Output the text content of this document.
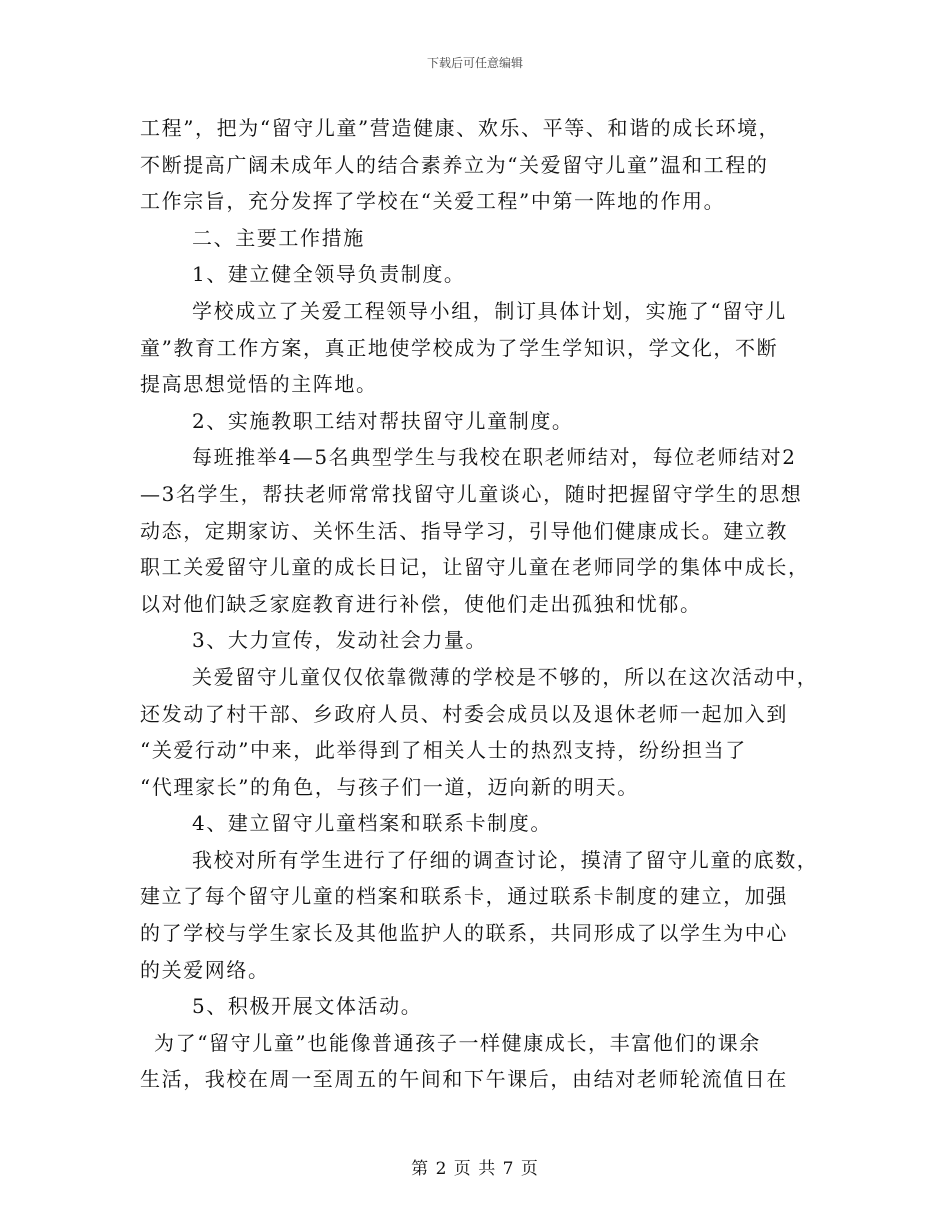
下载后可任意编辑
工程”，把为“留守儿童”营造健康、欢乐、平等、和谐的成长环境，
不断提高广阔未成年人的结合素养立为“关爱留守儿童”温和工程的
工作宗旨，充分发挥了学校在“关爱工程”中第一阵地的作用。
二、主要工作措施
1、建立健全领导负责制度。
学校成立了关爱工程领导小组，制订具体计划，实施了“留守儿
童”教育工作方案，真正地使学校成为了学生学知识，学文化，不断
提高思想觉悟的主阵地。
2、实施教职工结对帮扶留守儿童制度。
每班推举4—5名典型学生与我校在职老师结对，每位老师结对2
—3名学生，帮扶老师常常找留守儿童谈心，随时把握留守学生的思想
动态，定期家访、关怀生活、指导学习，引导他们健康成长。建立教
职工关爱留守儿童的成长日记，让留守儿童在老师同学的集体中成长，
以对他们缺乏家庭教育进行补偿，使他们走出孤独和忧郁。
3、大力宣传，发动社会力量。
关爱留守儿童仅仅依靠微薄的学校是不够的，所以在这次活动中，
还发动了村干部、乡政府人员、村委会成员以及退休老师一起加入到
“关爱行动”中来，此举得到了相关人士的热烈支持，纷纷担当了
“代理家长”的角色，与孩子们一道，迈向新的明天。
4、建立留守儿童档案和联系卡制度。
我校对所有学生进行了仔细的调查讨论，摸清了留守儿童的底数，
建立了每个留守儿童的档案和联系卡，通过联系卡制度的建立，加强
的了学校与学生家长及其他监护人的联系，共同形成了以学生为中心
的关爱网络。
5、积极开展文体活动。
为了“留守儿童”也能像普通孩子一样健康成长，丰富他们的课余
生活，我校在周一至周五的午间和下午课后，由结对老师轮流值日在
第 2 页 共 7 页
